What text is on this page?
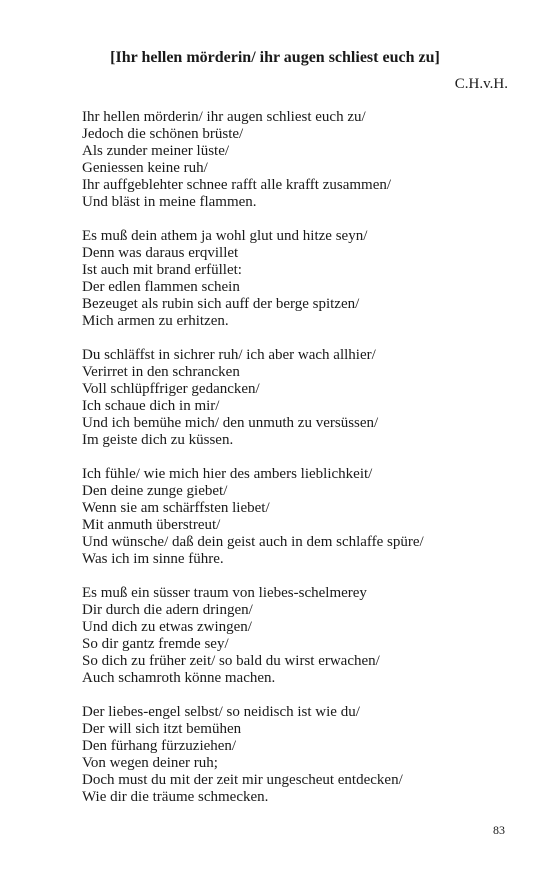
[Ihr hellen mörderin/ ihr augen schliest euch zu]
C.H.v.H.
Ihr hellen mörderin/ ihr augen schliest euch zu/
Jedoch die schönen brüste/
Als zunder meiner lüste/
Geniessen keine ruh/
Ihr auffgeblehter schnee rafft alle krafft zusammen/
Und bläst in meine flammen.
Es muß dein athem ja wohl glut und hitze seyn/
Denn was daraus erqvillet
Ist auch mit brand erfüllet:
Der edlen flammen schein
Bezeuget als rubin sich auff der berge spitzen/
Mich armen zu erhitzen.
Du schläffst in sichrer ruh/ ich aber wach allhier/
Verirret in den schrancken
Voll schlüpffriger gedancken/
Ich schaue dich in mir/
Und ich bemühe mich/ den unmuth zu versüssen/
Im geiste dich zu küssen.
Ich fühle/ wie mich hier des ambers lieblichkeit/
Den deine zunge giebet/
Wenn sie am schärffsten liebet/
Mit anmuth überstreut/
Und wünsche/ daß dein geist auch in dem schlaffe spüre/
Was ich im sinne führe.
Es muß ein süsser traum von liebes-schelmerey
Dir durch die adern dringen/
Und dich zu etwas zwingen/
So dir gantz fremde sey/
So dich zu früher zeit/ so bald du wirst erwachen/
Auch schamroth könne machen.
Der liebes-engel selbst/ so neidisch ist wie du/
Der will sich itzt bemühen
Den fürhang fürzuziehen/
Von wegen deiner ruh;
Doch must du mit der zeit mir ungescheut entdecken/
Wie dir die träume schmecken.
83
